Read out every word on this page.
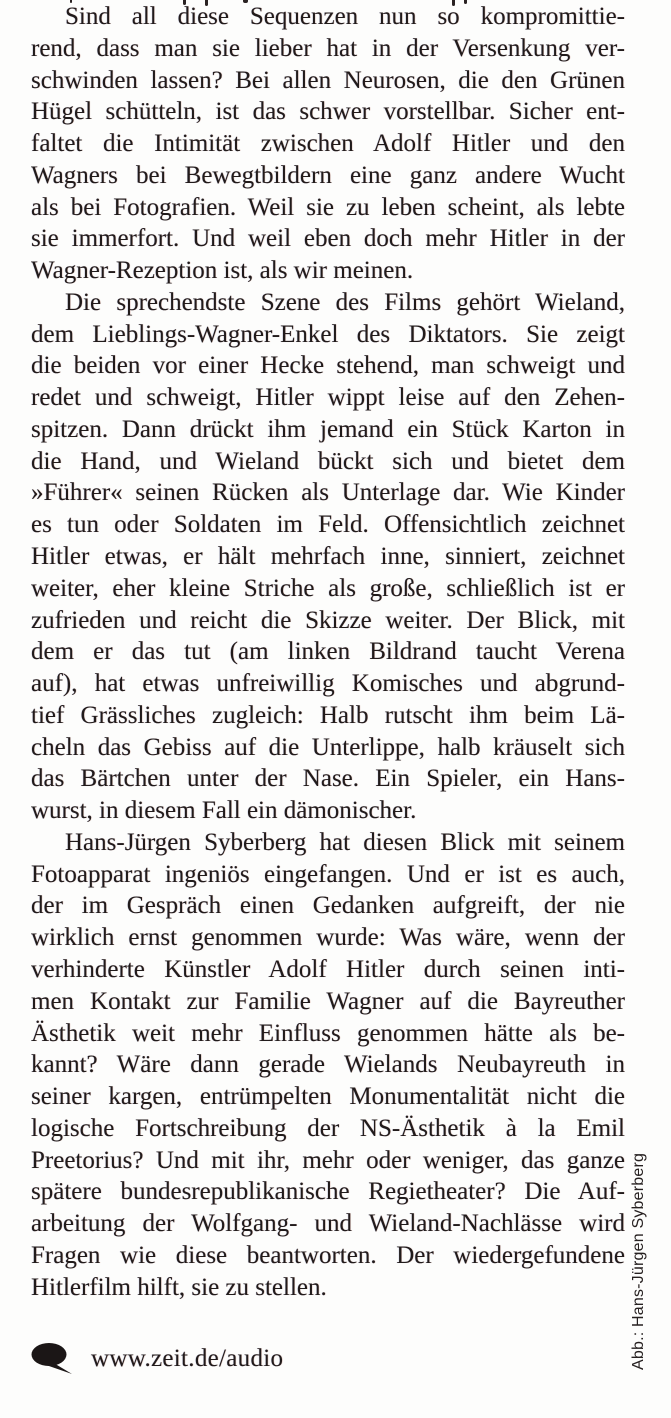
Sind all diese Sequenzen nun so kompromittie-
rend, dass man sie lieber hat in der Versenkung ver-
schwinden lassen? Bei allen Neurosen, die den Grünen
Hügel schütteln, ist das schwer vorstellbar. Sicher ent-
faltet die Intimität zwischen Adolf Hitler und den
Wagners bei Bewegtbildern eine ganz andere Wucht
als bei Fotografien. Weil sie zu leben scheint, als lebte
sie immerfort. Und weil eben doch mehr Hitler in der
Wagner-Rezeption ist, als wir meinen.
Die sprechendste Szene des Films gehört Wieland,
dem Lieblings-Wagner-Enkel des Diktators. Sie zeigt
die beiden vor einer Hecke stehend, man schweigt und
redet und schweigt, Hitler wippt leise auf den Zehen-
spitzen. Dann drückt ihm jemand ein Stück Karton in
die Hand, und Wieland bückt sich und bietet dem
»Führer« seinen Rücken als Unterlage dar. Wie Kinder
es tun oder Soldaten im Feld. Offensichtlich zeichnet
Hitler etwas, er hält mehrfach inne, sinniert, zeichnet
weiter, eher kleine Striche als große, schließlich ist er
zufrieden und reicht die Skizze weiter. Der Blick, mit
dem er das tut (am linken Bildrand taucht Verena
auf), hat etwas unfreiwillig Komisches und abgrund-
tief Grässliches zugleich: Halb rutscht ihm beim Lä-
cheln das Gebiss auf die Unterlippe, halb kräuselt sich
das Bärtchen unter der Nase. Ein Spieler, ein Hans-
wurst, in diesem Fall ein dämonischer.
Hans-Jürgen Syberberg hat diesen Blick mit seinem
Fotoapparat ingeniös eingefangen. Und er ist es auch,
der im Gespräch einen Gedanken aufgreift, der nie
wirklich ernst genommen wurde: Was wäre, wenn der
verhinderte Künstler Adolf Hitler durch seinen inti-
men Kontakt zur Familie Wagner auf die Bayreuther
Ästhetik weit mehr Einfluss genommen hätte als be-
kannt? Wäre dann gerade Wielands Neubayreuth in
seiner kargen, entrümpelten Monumentalität nicht die
logische Fortschreibung der NS-Ästhetik à la Emil
Preetorius? Und mit ihr, mehr oder weniger, das ganze
spätere bundesrepublikanische Regietheater? Die Auf-
arbeitung der Wolfgang- und Wieland-Nachlässe wird
Fragen wie diese beantworten. Der wiedergefundene
Hitlerfilm hilft, sie zu stellen.
www.zeit.de/audio	Abb.: Hans-Jürgen Syberberg
